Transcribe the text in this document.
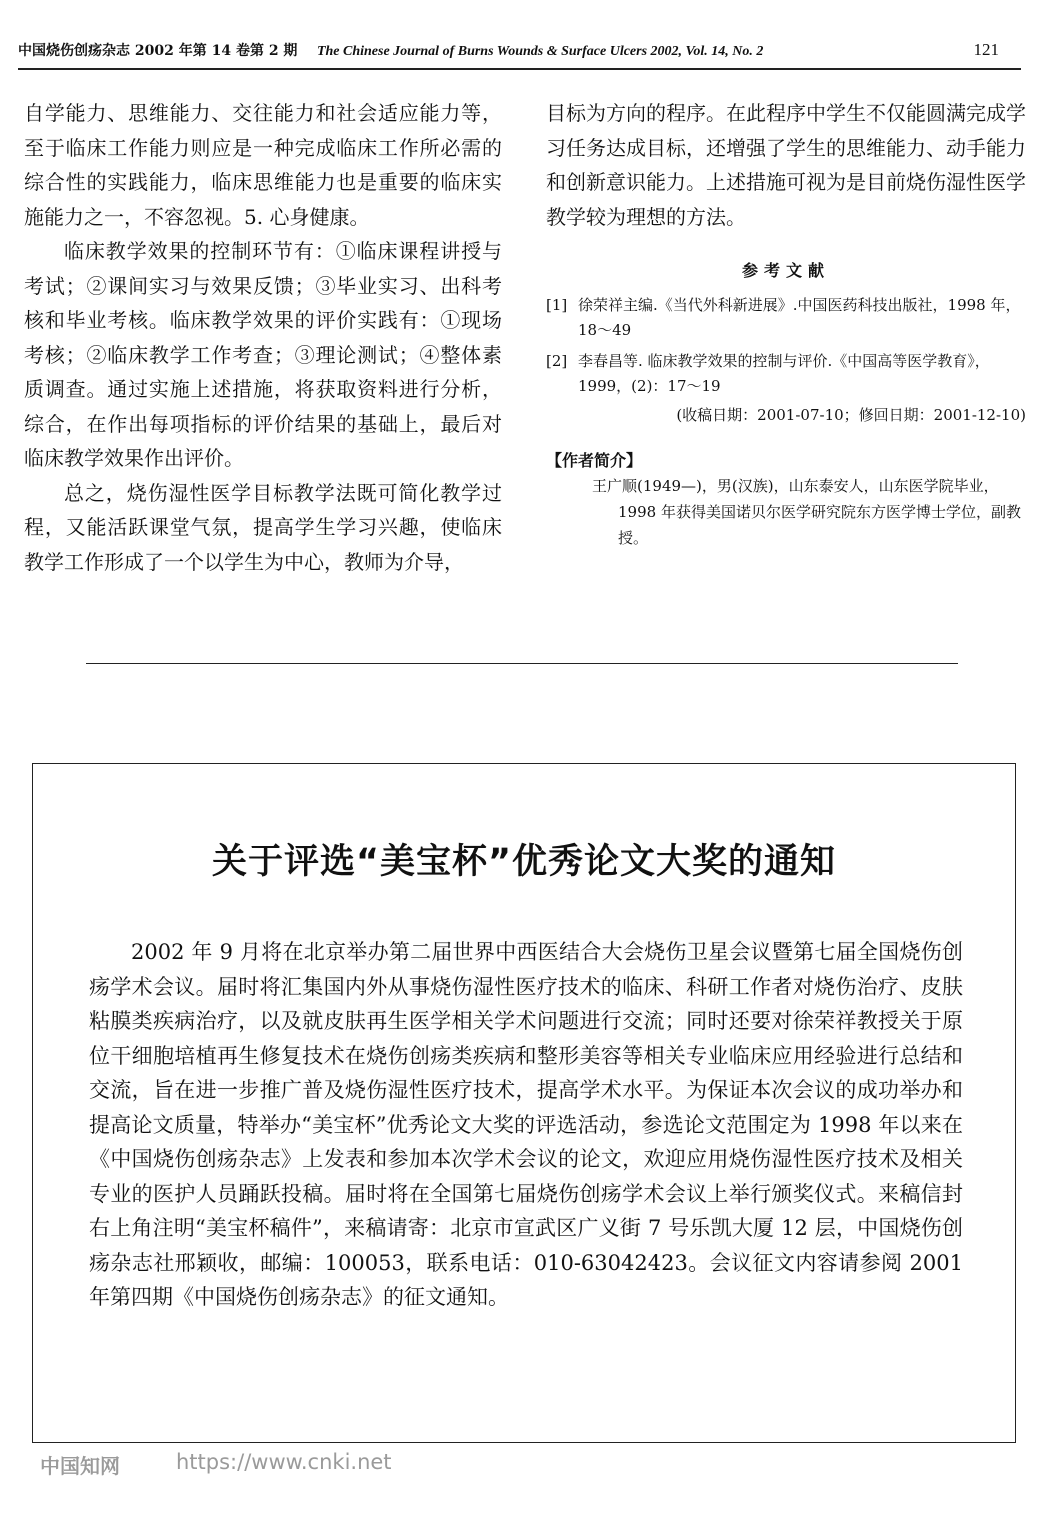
中国烧伤创疡杂志 2002 年第 14 卷第 2 期 The Chinese Journal of Burns Wounds & Surface Ulcers 2002, Vol. 14, No. 2	121

自学能力、思维能力、交往能力和社会适应能力等，至于临床工作能力则应是一种完成临床工作所必需的综合性的实践能力，临床思维能力也是重要的临床实施能力之一，不容忽视。5. 心身健康。

临床教学效果的控制环节有：①临床课程讲授与考试；②课间实习与效果反馈；③毕业实习、出科考核和毕业考核。临床教学效果的评价实践有：①现场考核；②临床教学工作考查；③理论测试；④整体素质调查。通过实施上述措施，将获取资料进行分析，综合，在作出每项指标的评价结果的基础上，最后对临床教学效果作出评价。

总之，烧伤湿性医学目标教学法既可简化教学过程，又能活跃课堂气氛，提高学生学习兴趣，使临床教学工作形成了一个以学生为中心，教师为介导，

目标为方向的程序。在此程序中学生不仅能圆满完成学习任务达成目标，还增强了学生的思维能力、动手能力和创新意识能力。上述措施可视为是目前烧伤湿性医学教学较为理想的方法。

参考文献
[1] 徐荣祥主编.《当代外科新进展》.中国医药科技出版社，1998 年，18～49
[2] 李春昌等. 临床教学效果的控制与评价.《中国高等医学教育》，1999，(2)：17～19
(收稿日期：2001-07-10；修回日期：2001-12-10)
【作者简介】
王广顺(1949—)，男(汉族)，山东泰安人，山东医学院毕业，1998 年获得美国诺贝尔医学研究院东方医学博士学位，副教授。
关于评选“美宝杯”优秀论文大奖的通知
2002 年 9 月将在北京举办第二届世界中西医结合大会烧伤卫星会议暨第七届全国烧伤创疡学术会议。届时将汇集国内外从事烧伤湿性医疗技术的临床、科研工作者对烧伤治疗、皮肤粘膜类疾病治疗，以及就皮肤再生医学相关学术问题进行交流；同时还要对徐荣祥教授关于原位干细胞培植再生修复技术在烧伤创疡类疾病和整形美容等相关专业临床应用经验进行总结和交流，旨在进一步推广普及烧伤湿性医疗技术，提高学术水平。为保证本次会议的成功举办和提高论文质量，特举办“美宝杯”优秀论文大奖的评选活动，参选论文范围定为 1998 年以来在《中国烧伤创疡杂志》上发表和参加本次学术会议的论文，欢迎应用烧伤湿性医疗技术及相关专业的医护人员踊跃投稿。届时将在全国第七届烧伤创疡学术会议上举行颁奖仪式。来稿信封右上角注明“美宝杯稿件”，来稿请寄：北京市宣武区广义街 7 号乐凯大厦 12 层，中国烧伤创疡杂志社邢颖收，邮编：100053，联系电话：010-63042423。会议征文内容请参阅 2001 年第四期《中国烧伤创疡杂志》的征文通知。
中国知网	https://www.cnki.net
